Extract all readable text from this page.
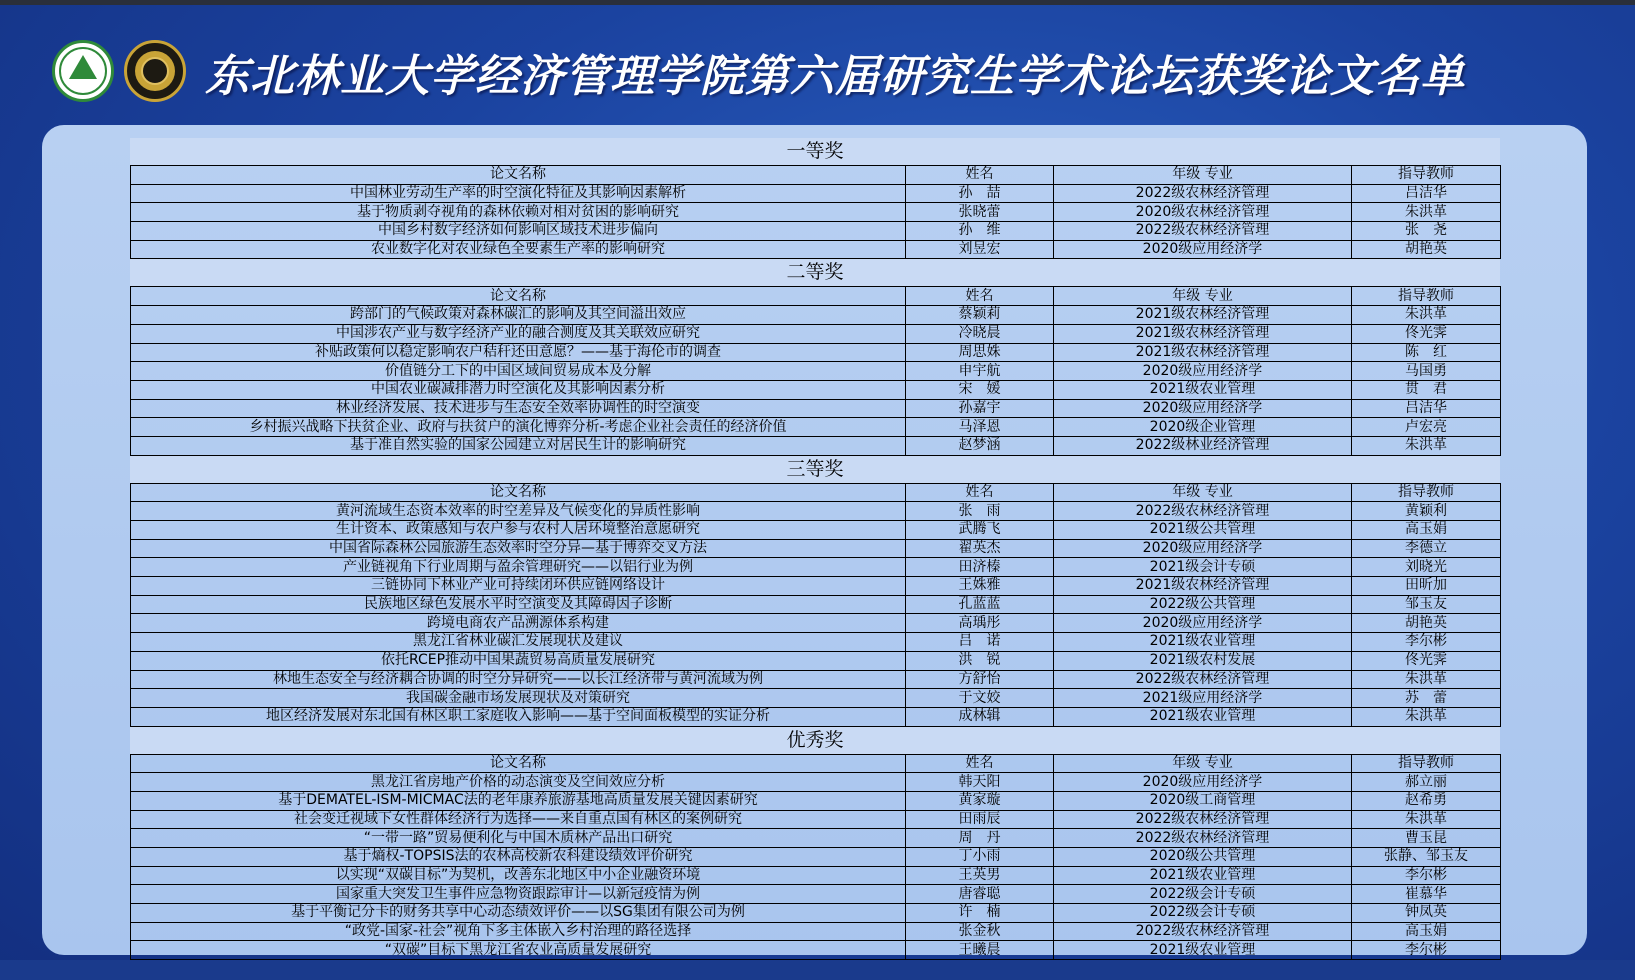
东北林业大学经济管理学院第六届研究生学术论坛获奖论文名单
一等奖
论文名称	姓名	年级 专业	指导教师
中国林业劳动生产率的时空演化特征及其影响因素解析	孙　喆	2022级农林经济管理	吕洁华
基于物质剥夺视角的森林依赖对相对贫困的影响研究	张晓蕾	2020级农林经济管理	朱洪革
中国乡村数字经济如何影响区域技术进步偏向	孙　维	2022级农林经济管理	张　尧
农业数字化对农业绿色全要素生产率的影响研究	刘昱宏	2020级应用经济学	胡艳英
二等奖
论文名称	姓名	年级 专业	指导教师
跨部门的气候政策对森林碳汇的影响及其空间溢出效应	蔡颖莉	2021级农林经济管理	朱洪革
中国涉农产业与数字经济产业的融合测度及其关联效应研究	冷晓晨	2021级农林经济管理	佟光霁
补贴政策何以稳定影响农户秸秆还田意愿？——基于海伦市的调查	周思姝	2021级农林经济管理	陈　红
价值链分工下的中国区域间贸易成本及分解	申宇航	2020级应用经济学	马国勇
中国农业碳减排潜力时空演化及其影响因素分析	宋　媛	2021级农业管理	贯　君
林业经济发展、技术进步与生态安全效率协调性的时空演变	孙嘉宇	2020级应用经济学	吕洁华
乡村振兴战略下扶贫企业、政府与扶贫户的演化博弈分析-考虑企业社会责任的经济价值	马泽恩	2020级企业管理	卢宏亮
基于准自然实验的国家公园建立对居民生计的影响研究	赵梦涵	2022级林业经济管理	朱洪革
三等奖
论文名称	姓名	年级 专业	指导教师
黄河流域生态资本效率的时空差异及气候变化的异质性影响	张　雨	2022级农林经济管理	黄颖利
生计资本、政策感知与农户参与农村人居环境整治意愿研究	武腾飞	2021级公共管理	高玉娟
中国省际森林公园旅游生态效率时空分异—基于博弈交叉方法	翟英杰	2020级应用经济学	李德立
产业链视角下行业周期与盈余管理研究——以铝行业为例	田济榛	2021级会计专硕	刘晓光
三链协同下林业产业可持续闭环供应链网络设计	王姝雅	2021级农林经济管理	田昕加
民族地区绿色发展水平时空演变及其障碍因子诊断	孔蓝蓝	2022级公共管理	邹玉友
跨境电商农产品溯源体系构建	高瑀彤	2020级应用经济学	胡艳英
黑龙江省林业碳汇发展现状及建议	吕　诺	2021级农业管理	李尔彬
依托RCEP推动中国果蔬贸易高质量发展研究	洪　锐	2021级农村发展	佟光霁
林地生态安全与经济耦合协调的时空分异研究——以长江经济带与黄河流域为例	方舒怡	2022级农林经济管理	朱洪革
我国碳金融市场发展现状及对策研究	于文姣	2021级应用经济学	苏　蕾
地区经济发展对东北国有林区职工家庭收入影响——基于空间面板模型的实证分析	成林辑	2021级农业管理	朱洪革
优秀奖
论文名称	姓名	年级 专业	指导教师
黑龙江省房地产价格的动态演变及空间效应分析	韩天阳	2020级应用经济学	郝立丽
基于DEMATEL-ISM-MICMAC法的老年康养旅游基地高质量发展关键因素研究	黄家璇	2020级工商管理	赵希勇
社会变迁视域下女性群体经济行为选择——来自重点国有林区的案例研究	田雨辰	2022级农林经济管理	朱洪革
“一带一路”贸易便利化与中国木质林产品出口研究	周　丹	2022级农林经济管理	曹玉昆
基于熵权-TOPSIS法的农林高校新农科建设绩效评价研究	丁小雨	2020级公共管理	张静、邹玉友
以实现“双碳目标”为契机，改善东北地区中小企业融资环境	王英男	2021级农业管理	李尔彬
国家重大突发卫生事件应急物资跟踪审计—以新冠疫情为例	唐睿聪	2022级会计专硕	崔慕华
基于平衡记分卡的财务共享中心动态绩效评价——以SG集团有限公司为例	许　楠	2022级会计专硕	钟凤英
“政党-国家-社会”视角下多主体嵌入乡村治理的路径选择	张金秋	2022级农林经济管理	高玉娟
“双碳”目标下黑龙江省农业高质量发展研究	王曦晨	2021级农业管理	李尔彬
